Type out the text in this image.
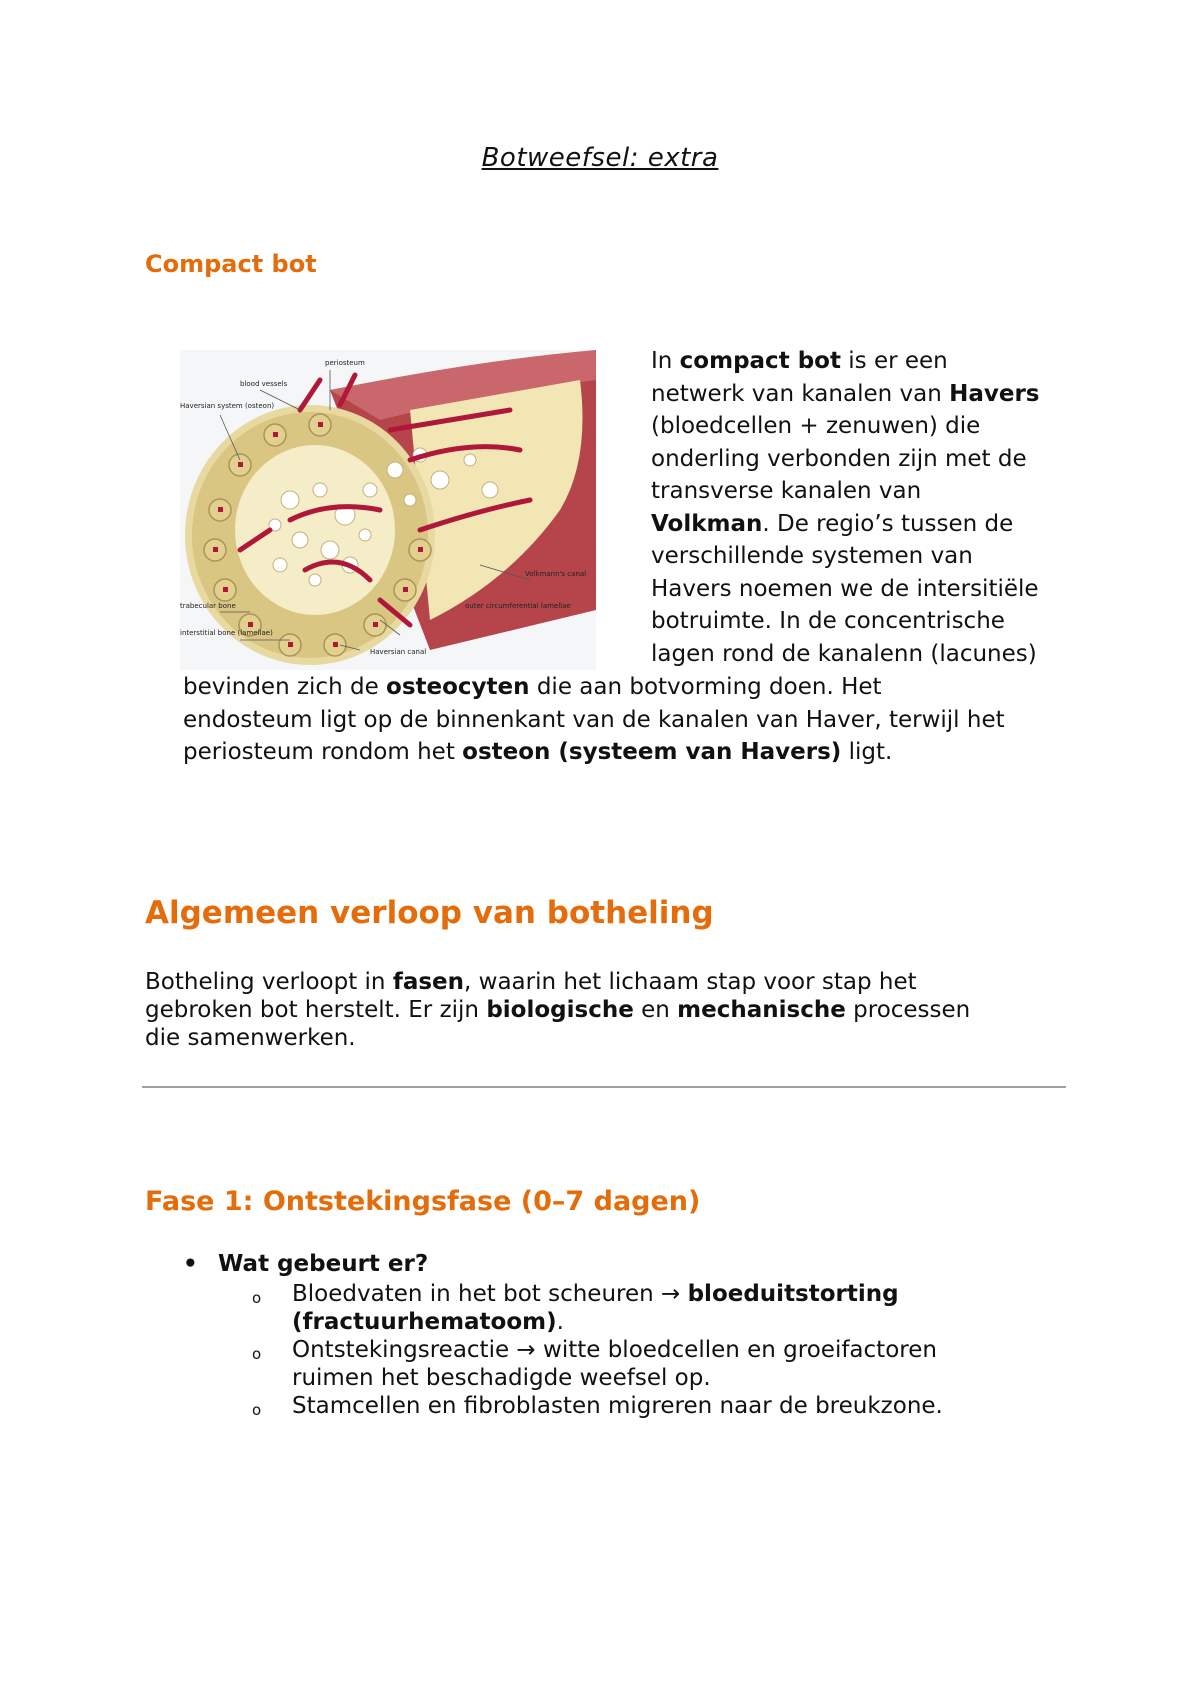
Botweefsel: extra
Compact bot
periosteum
blood vessels
Haversian system (osteon)
Volkmann's canal
trabecular bone
interstitial bone (lamellae)
outer circumferential lamellae
Haversian canal
In compact bot is er een
netwerk van kanalen van Havers
(bloedcellen + zenuwen) die
onderling verbonden zijn met de
transverse kanalen van
Volkman. De regio’s tussen de
verschillende systemen van
Havers noemen we de intersitiële
botruimte. In de concentrische
lagen rond de kanalenn (lacunes)
bevinden zich de osteocyten die aan botvorming doen. Het
endosteum ligt op de binnenkant van de kanalen van Haver, terwijl het
periosteum rondom het osteon (systeem van Havers) ligt.
Algemeen verloop van botheling
Botheling verloopt in fasen, waarin het lichaam stap voor stap het
gebroken bot herstelt. Er zijn biologische en mechanische processen
die samenwerken.
Fase 1: Ontstekingsfase (0–7 dagen)
• Wat gebeurt er?
o Bloedvaten in het bot scheuren → bloeduitstorting
(fractuurhematoom).
o Ontstekingsreactie → witte bloedcellen en groeifactoren
ruimen het beschadigde weefsel op.
o Stamcellen en fibroblasten migreren naar de breukzone.
